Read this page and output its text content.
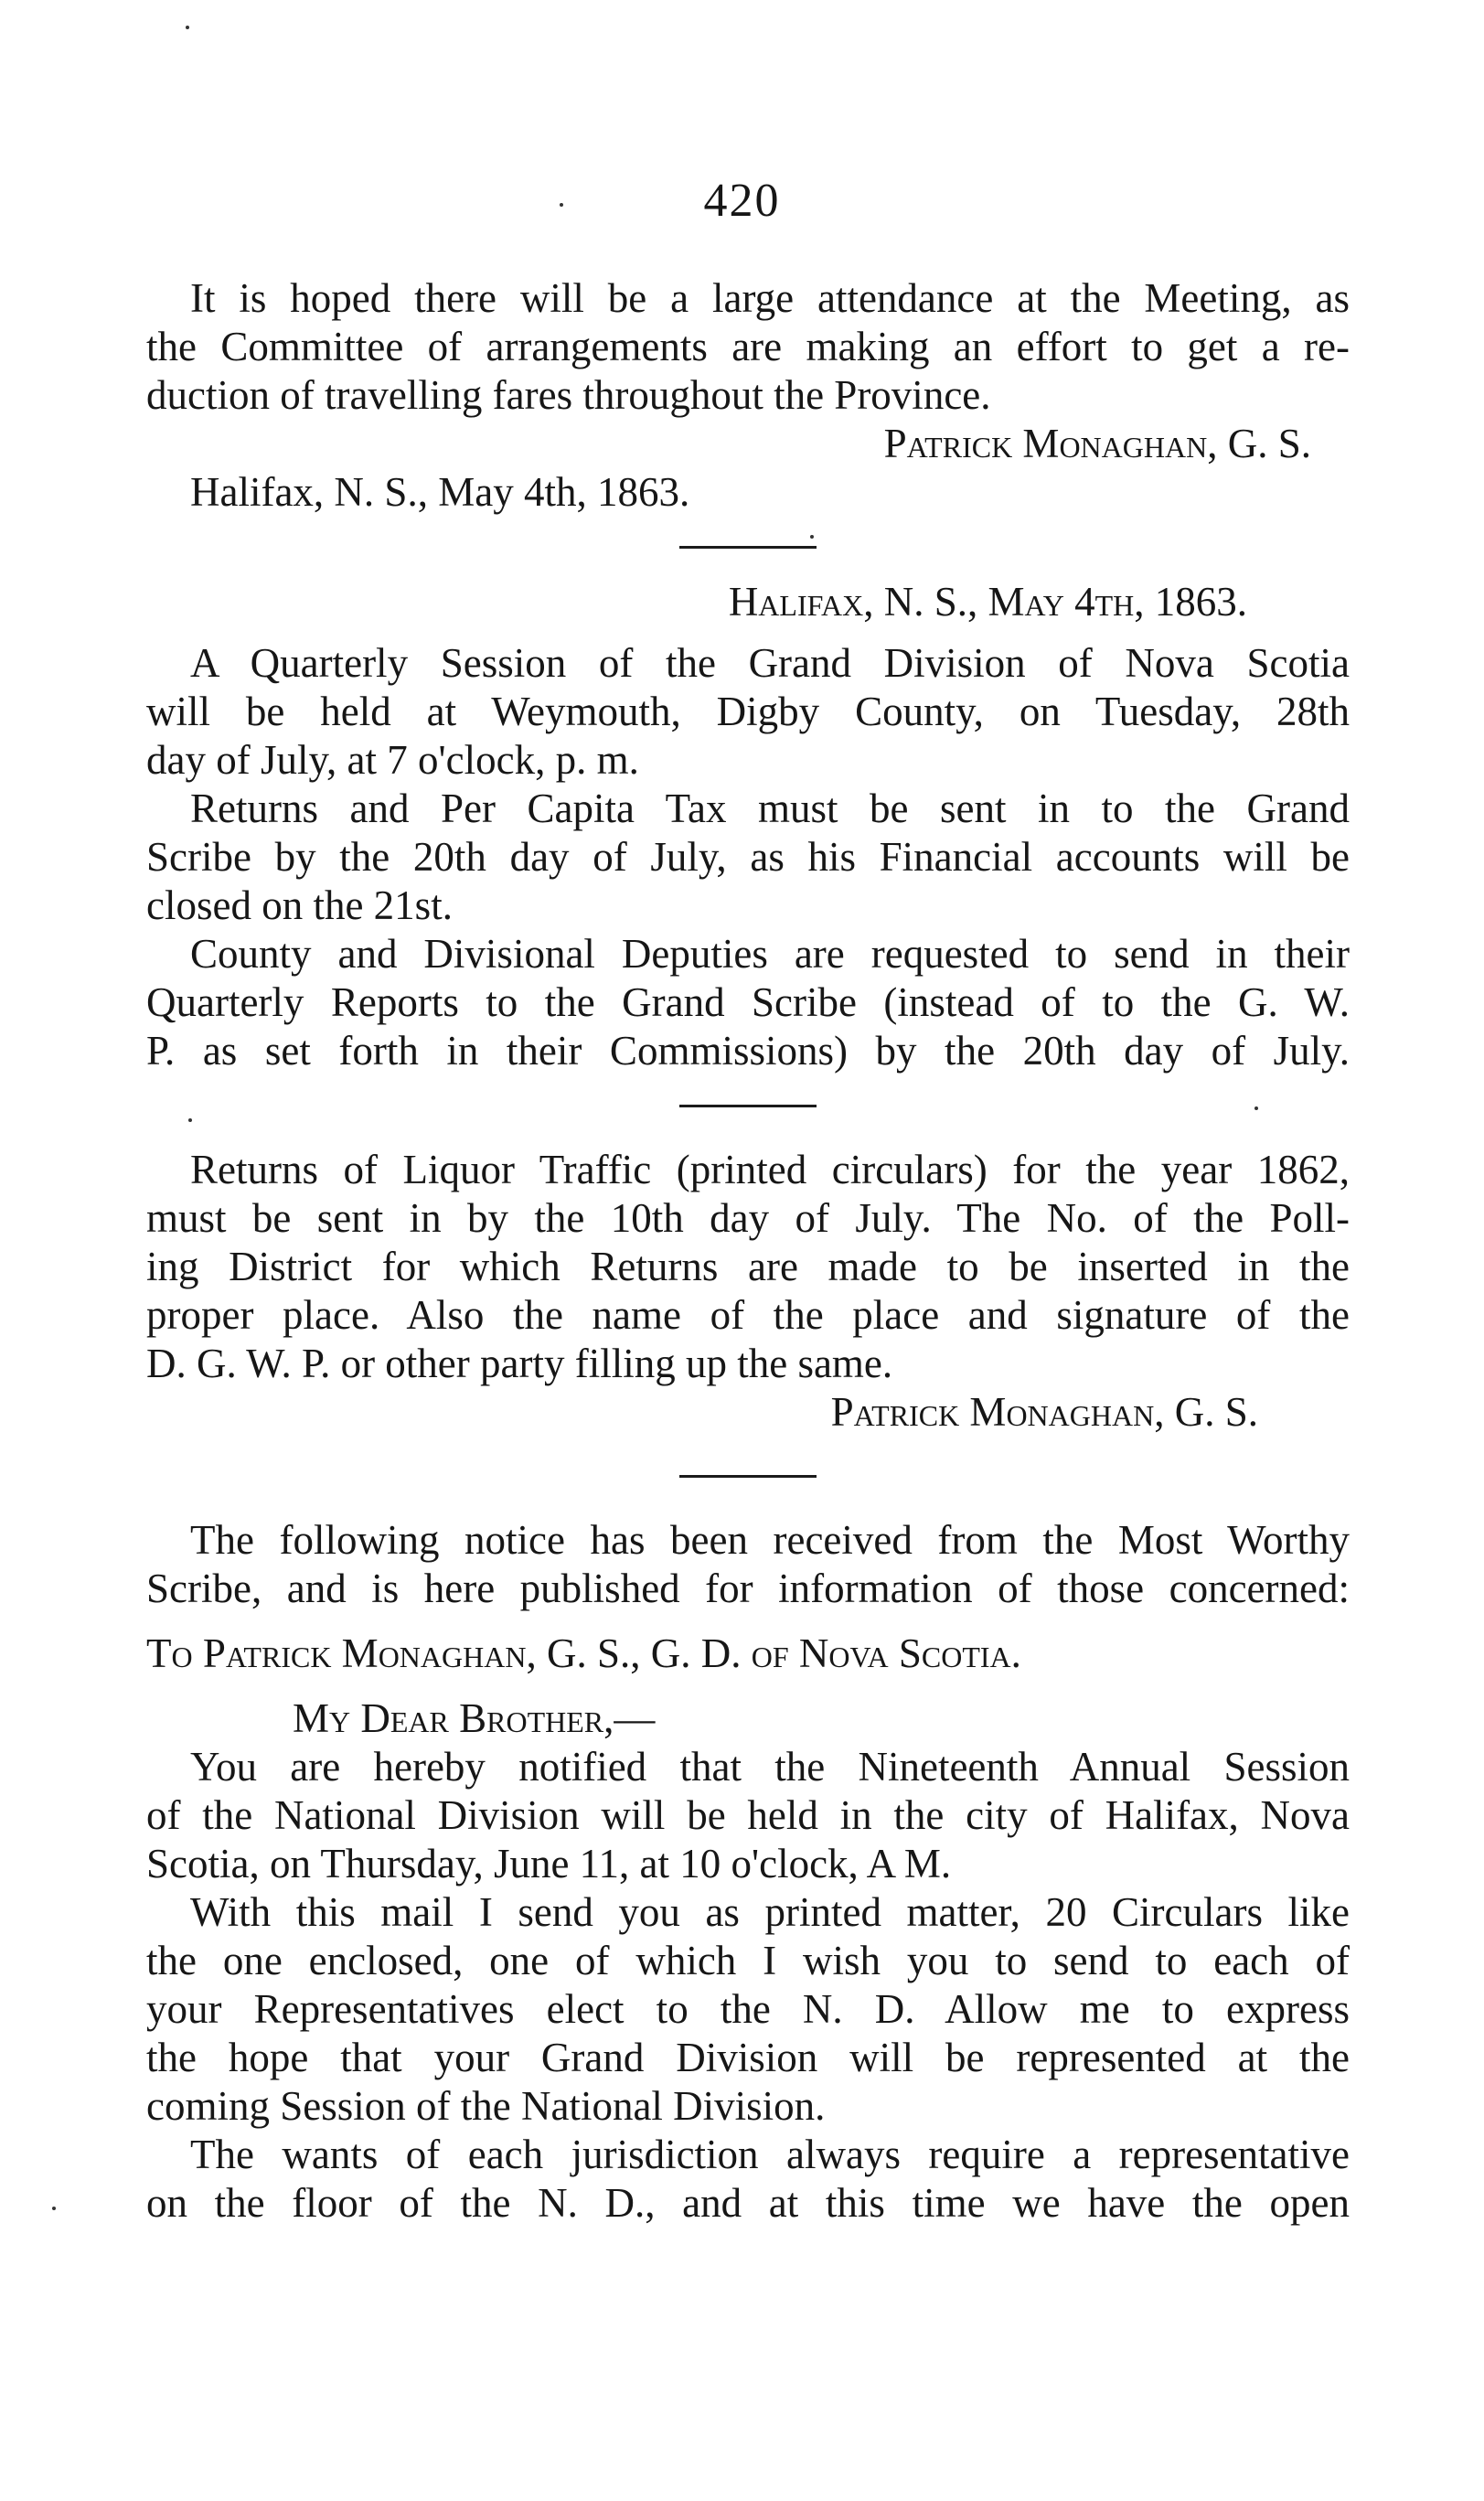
420

It is hoped there will be a large attendance at the Meeting, as

the Committee of arrangements are making an effort to get a re-

duction of travelling fares throughout the Province.

Patrick Monaghan, G. S.

Halifax, N. S., May 4th, 1863.

Halifax, N. S., May 4th, 1863.

A Quarterly Session of the Grand Division of Nova Scotia

will be held at Weymouth, Digby County, on Tuesday, 28th

day of July, at 7 o'clock, p. m.

Returns and Per Capita Tax must be sent in to the Grand

Scribe by the 20th day of July, as his Financial accounts will be

closed on the 21st.

County and Divisional Deputies are requested to send in their

Quarterly Reports to the Grand Scribe (instead of to the G. W.

P. as set forth in their Commissions) by the 20th day of July.

Returns of Liquor Traffic (printed circulars) for the year 1862,

must be sent in by the 10th day of July. The No. of the Poll-

ing District for which Returns are made to be inserted in the

proper place. Also the name of the place and signature of the

D. G. W. P. or other party filling up the same.

Patrick Monaghan, G. S.

The following notice has been received from the Most Worthy

Scribe, and is here published for information of those concerned:

To Patrick Monaghan, G. S., G. D. of Nova Scotia.

My Dear Brother,—

You are hereby notified that the Nineteenth Annual Session

of the National Division will be held in the city of Halifax, Nova

Scotia, on Thursday, June 11, at 10 o'clock, A M.

With this mail I send you as printed matter, 20 Circulars like

the one enclosed, one of which I wish you to send to each of

your Representatives elect to the N. D. Allow me to express

the hope that your Grand Division will be represented at the

coming Session of the National Division.

The wants of each jurisdiction always require a representative

on the floor of the N. D., and at this time we have the open
